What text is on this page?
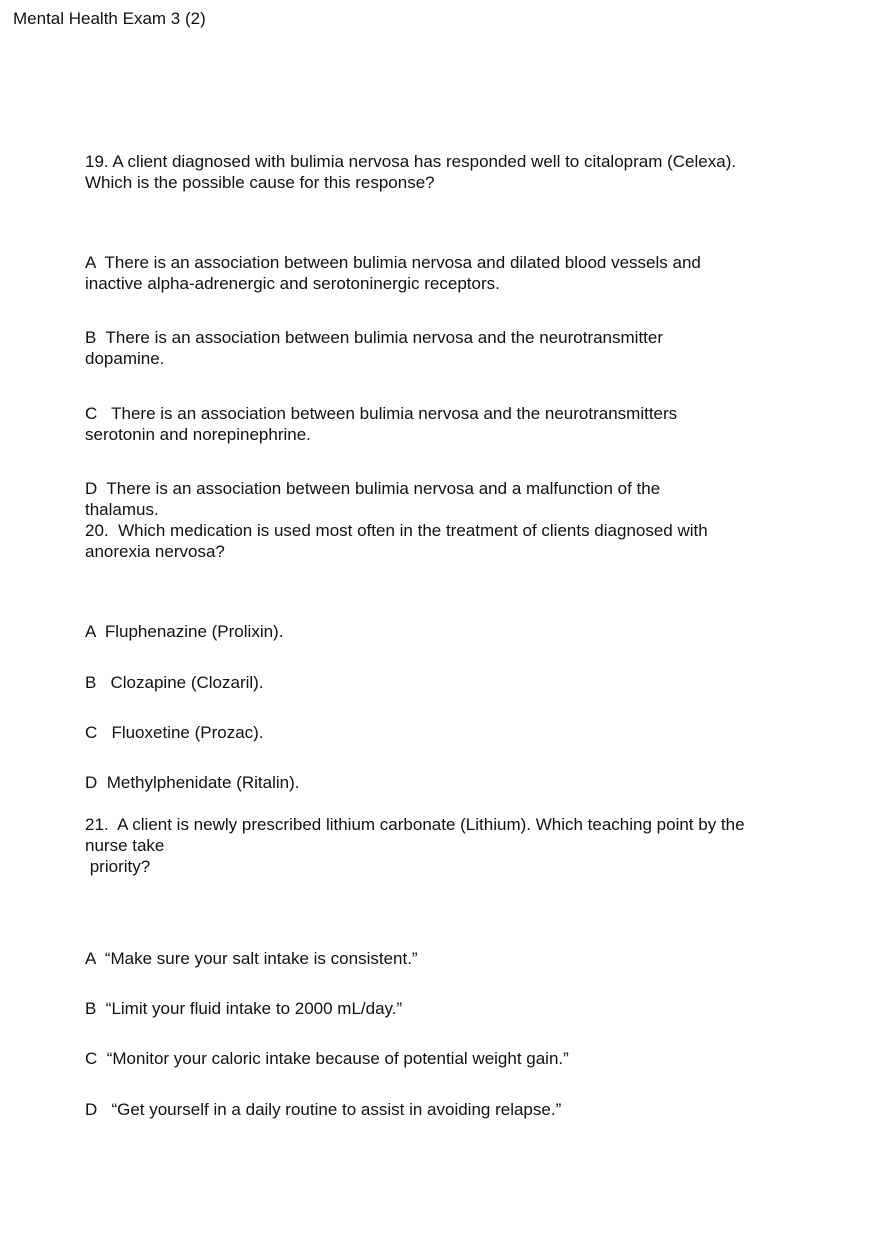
Mental Health Exam 3 (2)
19. A client diagnosed with bulimia nervosa has responded well to citalopram (Celexa).
Which is the possible cause for this response?
A  There is an association between bulimia nervosa and dilated blood vessels and
inactive alpha-adrenergic and serotoninergic receptors.
B  There is an association between bulimia nervosa and the neurotransmitter
dopamine.
C   There is an association between bulimia nervosa and the neurotransmitters
serotonin and norepinephrine.
D  There is an association between bulimia nervosa and a malfunction of the
thalamus.
20.  Which medication is used most often in the treatment of clients diagnosed with
anorexia nervosa?
A  Fluphenazine (Prolixin).
B   Clozapine (Clozaril).
C   Fluoxetine (Prozac).
D  Methylphenidate (Ritalin).
21.  A client is newly prescribed lithium carbonate (Lithium). Which teaching point by the
nurse take
priority?
A  “Make sure your salt intake is consistent.”
B  “Limit your fluid intake to 2000 mL/day.”
C  “Monitor your caloric intake because of potential weight gain.”
D   “Get yourself in a daily routine to assist in avoiding relapse.”
